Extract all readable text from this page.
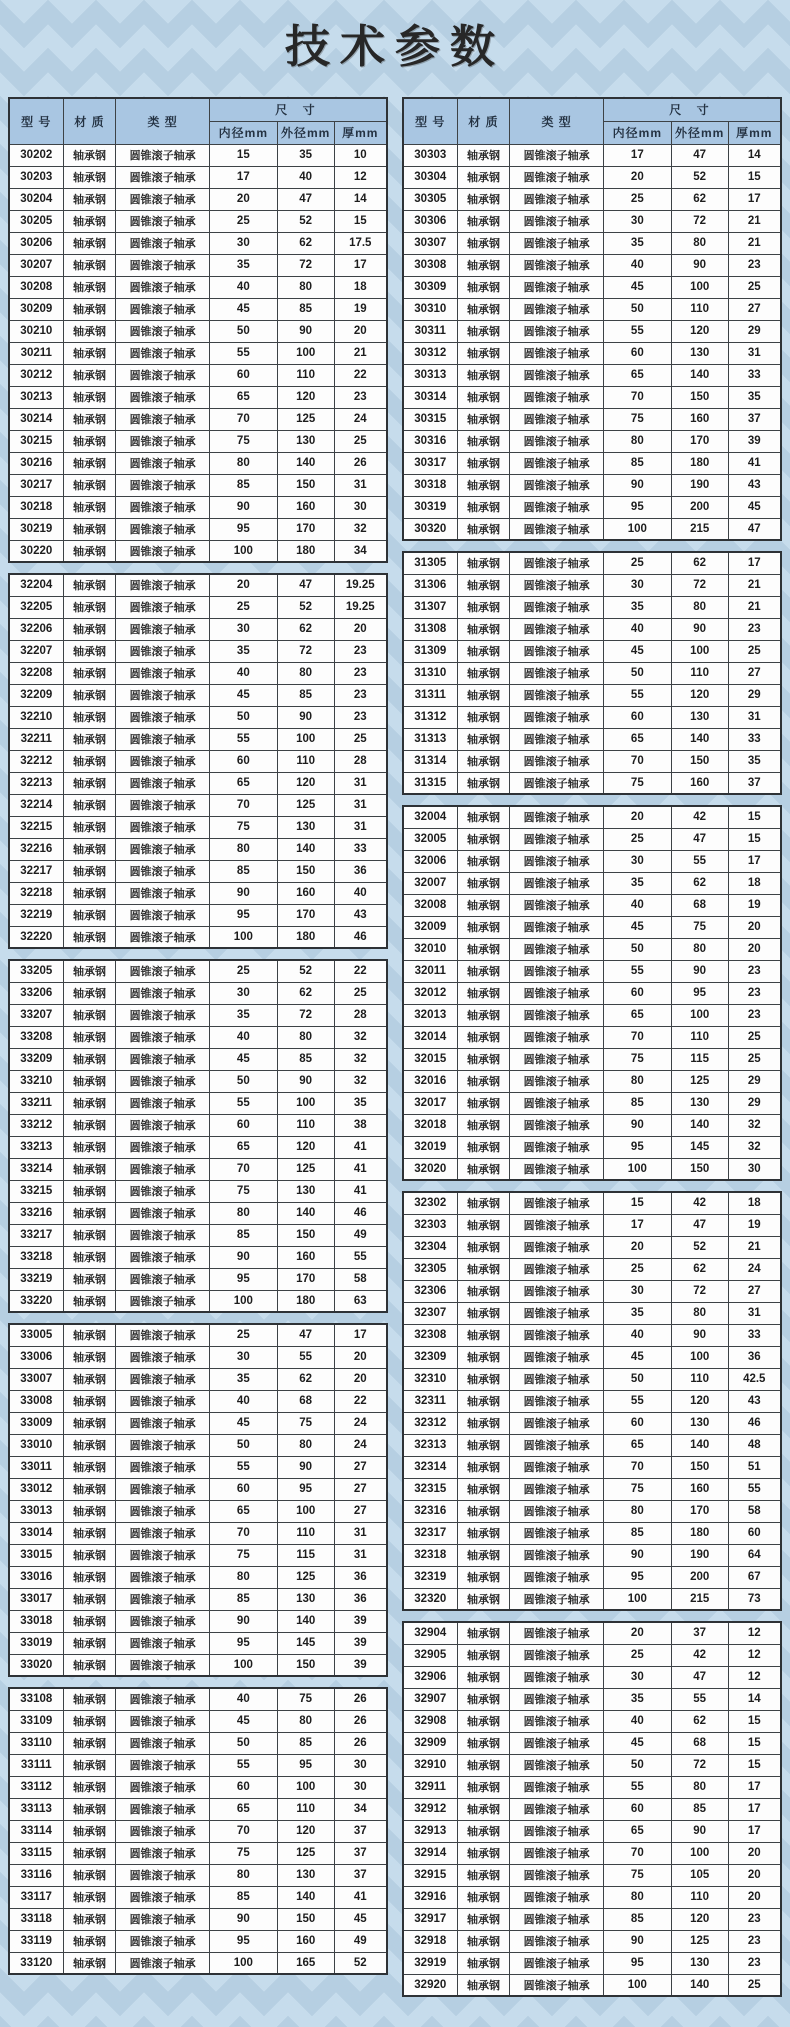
技术参数
型 号	材 质	类 型	尺 寸		
			内径mm	外径mm	厚mm
30202	轴承钢	圆锥滚子轴承	15	35	10
30203	轴承钢	圆锥滚子轴承	17	40	12
30204	轴承钢	圆锥滚子轴承	20	47	14
30205	轴承钢	圆锥滚子轴承	25	52	15
30206	轴承钢	圆锥滚子轴承	30	62	17.5
30207	轴承钢	圆锥滚子轴承	35	72	17
30208	轴承钢	圆锥滚子轴承	40	80	18
30209	轴承钢	圆锥滚子轴承	45	85	19
30210	轴承钢	圆锥滚子轴承	50	90	20
30211	轴承钢	圆锥滚子轴承	55	100	21
30212	轴承钢	圆锥滚子轴承	60	110	22
30213	轴承钢	圆锥滚子轴承	65	120	23
30214	轴承钢	圆锥滚子轴承	70	125	24
30215	轴承钢	圆锥滚子轴承	75	130	25
30216	轴承钢	圆锥滚子轴承	80	140	26
30217	轴承钢	圆锥滚子轴承	85	150	31
30218	轴承钢	圆锥滚子轴承	90	160	30
30219	轴承钢	圆锥滚子轴承	95	170	32
30220	轴承钢	圆锥滚子轴承	100	180	34
32204	轴承钢	圆锥滚子轴承	20	47	19.25
32205	轴承钢	圆锥滚子轴承	25	52	19.25
32206	轴承钢	圆锥滚子轴承	30	62	20
32207	轴承钢	圆锥滚子轴承	35	72	23
32208	轴承钢	圆锥滚子轴承	40	80	23
32209	轴承钢	圆锥滚子轴承	45	85	23
32210	轴承钢	圆锥滚子轴承	50	90	23
32211	轴承钢	圆锥滚子轴承	55	100	25
32212	轴承钢	圆锥滚子轴承	60	110	28
32213	轴承钢	圆锥滚子轴承	65	120	31
32214	轴承钢	圆锥滚子轴承	70	125	31
32215	轴承钢	圆锥滚子轴承	75	130	31
32216	轴承钢	圆锥滚子轴承	80	140	33
32217	轴承钢	圆锥滚子轴承	85	150	36
32218	轴承钢	圆锥滚子轴承	90	160	40
32219	轴承钢	圆锥滚子轴承	95	170	43
32220	轴承钢	圆锥滚子轴承	100	180	46
33205	轴承钢	圆锥滚子轴承	25	52	22
33206	轴承钢	圆锥滚子轴承	30	62	25
33207	轴承钢	圆锥滚子轴承	35	72	28
33208	轴承钢	圆锥滚子轴承	40	80	32
33209	轴承钢	圆锥滚子轴承	45	85	32
33210	轴承钢	圆锥滚子轴承	50	90	32
33211	轴承钢	圆锥滚子轴承	55	100	35
33212	轴承钢	圆锥滚子轴承	60	110	38
33213	轴承钢	圆锥滚子轴承	65	120	41
33214	轴承钢	圆锥滚子轴承	70	125	41
33215	轴承钢	圆锥滚子轴承	75	130	41
33216	轴承钢	圆锥滚子轴承	80	140	46
33217	轴承钢	圆锥滚子轴承	85	150	49
33218	轴承钢	圆锥滚子轴承	90	160	55
33219	轴承钢	圆锥滚子轴承	95	170	58
33220	轴承钢	圆锥滚子轴承	100	180	63
33005	轴承钢	圆锥滚子轴承	25	47	17
33006	轴承钢	圆锥滚子轴承	30	55	20
33007	轴承钢	圆锥滚子轴承	35	62	20
33008	轴承钢	圆锥滚子轴承	40	68	22
33009	轴承钢	圆锥滚子轴承	45	75	24
33010	轴承钢	圆锥滚子轴承	50	80	24
33011	轴承钢	圆锥滚子轴承	55	90	27
33012	轴承钢	圆锥滚子轴承	60	95	27
33013	轴承钢	圆锥滚子轴承	65	100	27
33014	轴承钢	圆锥滚子轴承	70	110	31
33015	轴承钢	圆锥滚子轴承	75	115	31
33016	轴承钢	圆锥滚子轴承	80	125	36
33017	轴承钢	圆锥滚子轴承	85	130	36
33018	轴承钢	圆锥滚子轴承	90	140	39
33019	轴承钢	圆锥滚子轴承	95	145	39
33020	轴承钢	圆锥滚子轴承	100	150	39
33108	轴承钢	圆锥滚子轴承	40	75	26
33109	轴承钢	圆锥滚子轴承	45	80	26
33110	轴承钢	圆锥滚子轴承	50	85	26
33111	轴承钢	圆锥滚子轴承	55	95	30
33112	轴承钢	圆锥滚子轴承	60	100	30
33113	轴承钢	圆锥滚子轴承	65	110	34
33114	轴承钢	圆锥滚子轴承	70	120	37
33115	轴承钢	圆锥滚子轴承	75	125	37
33116	轴承钢	圆锥滚子轴承	80	130	37
33117	轴承钢	圆锥滚子轴承	85	140	41
33118	轴承钢	圆锥滚子轴承	90	150	45
33119	轴承钢	圆锥滚子轴承	95	160	49
33120	轴承钢	圆锥滚子轴承	100	165	52
型 号	材 质	类 型	尺 寸		
			内径mm	外径mm	厚mm
30303	轴承钢	圆锥滚子轴承	17	47	14
30304	轴承钢	圆锥滚子轴承	20	52	15
30305	轴承钢	圆锥滚子轴承	25	62	17
30306	轴承钢	圆锥滚子轴承	30	72	21
30307	轴承钢	圆锥滚子轴承	35	80	21
30308	轴承钢	圆锥滚子轴承	40	90	23
30309	轴承钢	圆锥滚子轴承	45	100	25
30310	轴承钢	圆锥滚子轴承	50	110	27
30311	轴承钢	圆锥滚子轴承	55	120	29
30312	轴承钢	圆锥滚子轴承	60	130	31
30313	轴承钢	圆锥滚子轴承	65	140	33
30314	轴承钢	圆锥滚子轴承	70	150	35
30315	轴承钢	圆锥滚子轴承	75	160	37
30316	轴承钢	圆锥滚子轴承	80	170	39
30317	轴承钢	圆锥滚子轴承	85	180	41
30318	轴承钢	圆锥滚子轴承	90	190	43
30319	轴承钢	圆锥滚子轴承	95	200	45
30320	轴承钢	圆锥滚子轴承	100	215	47
31305	轴承钢	圆锥滚子轴承	25	62	17
31306	轴承钢	圆锥滚子轴承	30	72	21
31307	轴承钢	圆锥滚子轴承	35	80	21
31308	轴承钢	圆锥滚子轴承	40	90	23
31309	轴承钢	圆锥滚子轴承	45	100	25
31310	轴承钢	圆锥滚子轴承	50	110	27
31311	轴承钢	圆锥滚子轴承	55	120	29
31312	轴承钢	圆锥滚子轴承	60	130	31
31313	轴承钢	圆锥滚子轴承	65	140	33
31314	轴承钢	圆锥滚子轴承	70	150	35
31315	轴承钢	圆锥滚子轴承	75	160	37
32004	轴承钢	圆锥滚子轴承	20	42	15
32005	轴承钢	圆锥滚子轴承	25	47	15
32006	轴承钢	圆锥滚子轴承	30	55	17
32007	轴承钢	圆锥滚子轴承	35	62	18
32008	轴承钢	圆锥滚子轴承	40	68	19
32009	轴承钢	圆锥滚子轴承	45	75	20
32010	轴承钢	圆锥滚子轴承	50	80	20
32011	轴承钢	圆锥滚子轴承	55	90	23
32012	轴承钢	圆锥滚子轴承	60	95	23
32013	轴承钢	圆锥滚子轴承	65	100	23
32014	轴承钢	圆锥滚子轴承	70	110	25
32015	轴承钢	圆锥滚子轴承	75	115	25
32016	轴承钢	圆锥滚子轴承	80	125	29
32017	轴承钢	圆锥滚子轴承	85	130	29
32018	轴承钢	圆锥滚子轴承	90	140	32
32019	轴承钢	圆锥滚子轴承	95	145	32
32020	轴承钢	圆锥滚子轴承	100	150	30
32302	轴承钢	圆锥滚子轴承	15	42	18
32303	轴承钢	圆锥滚子轴承	17	47	19
32304	轴承钢	圆锥滚子轴承	20	52	21
32305	轴承钢	圆锥滚子轴承	25	62	24
32306	轴承钢	圆锥滚子轴承	30	72	27
32307	轴承钢	圆锥滚子轴承	35	80	31
32308	轴承钢	圆锥滚子轴承	40	90	33
32309	轴承钢	圆锥滚子轴承	45	100	36
32310	轴承钢	圆锥滚子轴承	50	110	42.5
32311	轴承钢	圆锥滚子轴承	55	120	43
32312	轴承钢	圆锥滚子轴承	60	130	46
32313	轴承钢	圆锥滚子轴承	65	140	48
32314	轴承钢	圆锥滚子轴承	70	150	51
32315	轴承钢	圆锥滚子轴承	75	160	55
32316	轴承钢	圆锥滚子轴承	80	170	58
32317	轴承钢	圆锥滚子轴承	85	180	60
32318	轴承钢	圆锥滚子轴承	90	190	64
32319	轴承钢	圆锥滚子轴承	95	200	67
32320	轴承钢	圆锥滚子轴承	100	215	73
32904	轴承钢	圆锥滚子轴承	20	37	12
32905	轴承钢	圆锥滚子轴承	25	42	12
32906	轴承钢	圆锥滚子轴承	30	47	12
32907	轴承钢	圆锥滚子轴承	35	55	14
32908	轴承钢	圆锥滚子轴承	40	62	15
32909	轴承钢	圆锥滚子轴承	45	68	15
32910	轴承钢	圆锥滚子轴承	50	72	15
32911	轴承钢	圆锥滚子轴承	55	80	17
32912	轴承钢	圆锥滚子轴承	60	85	17
32913	轴承钢	圆锥滚子轴承	65	90	17
32914	轴承钢	圆锥滚子轴承	70	100	20
32915	轴承钢	圆锥滚子轴承	75	105	20
32916	轴承钢	圆锥滚子轴承	80	110	20
32917	轴承钢	圆锥滚子轴承	85	120	23
32918	轴承钢	圆锥滚子轴承	90	125	23
32919	轴承钢	圆锥滚子轴承	95	130	23
32920	轴承钢	圆锥滚子轴承	100	140	25
